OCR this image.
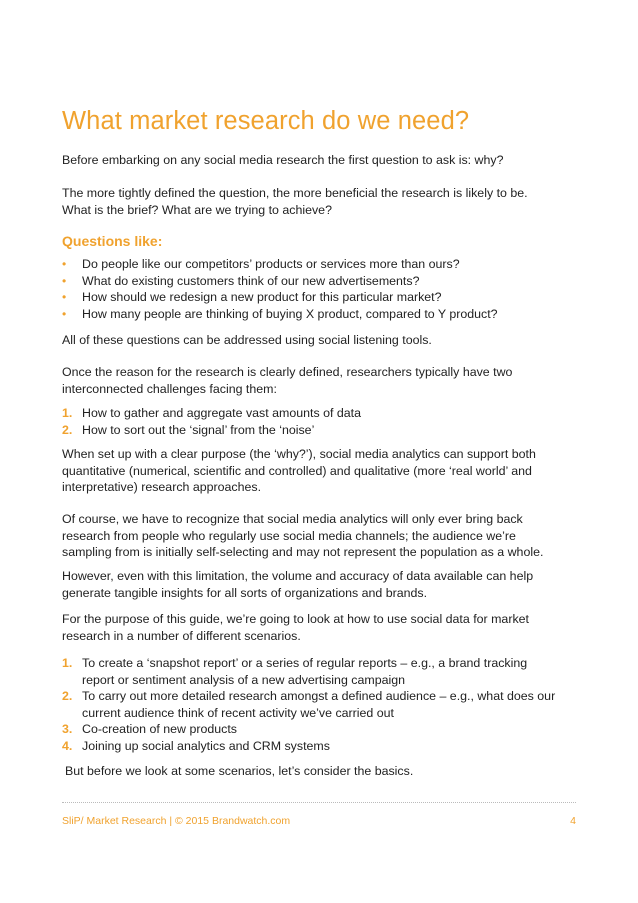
What market research do we need?

Before embarking on any social media research the first question to ask is: why?

The more tightly defined the question, the more beneficial the research is likely to be.
What is the brief? What are we trying to achieve?

Questions like:
•	Do people like our competitors’ products or services more than ours?
•	What do existing customers think of our new advertisements?
•	How should we redesign a new product for this particular market?
•	How many people are thinking of buying X product, compared to Y product?

All of these questions can be addressed using social listening tools.

Once the reason for the research is clearly defined, researchers typically have two
interconnected challenges facing them:

1. How to gather and aggregate vast amounts of data
2. How to sort out the ‘signal’ from the ‘noise’

When set up with a clear purpose (the ‘why?’), social media analytics can support both
quantitative (numerical, scientific and controlled) and qualitative (more ‘real world’ and
interpretative) research approaches.

Of course, we have to recognize that social media analytics will only ever bring back
research from people who regularly use social media channels; the audience we’re
sampling from is initially self-selecting and may not represent the population as a whole.

However, even with this limitation, the volume and accuracy of data available can help
generate tangible insights for all sorts of organizations and brands.

For the purpose of this guide, we’re going to look at how to use social data for market
research in a number of different scenarios.

1. To create a ‘snapshot report’ or a series of regular reports – e.g., a brand tracking
report or sentiment analysis of a new advertising campaign
2. To carry out more detailed research amongst a defined audience – e.g., what does our
current audience think of recent activity we’ve carried out
3. Co-creation of new products
4. Joining up social analytics and CRM systems

But before we look at some scenarios, let’s consider the basics.

SliP/ Market Research | © 2015 Brandwatch.com	4
